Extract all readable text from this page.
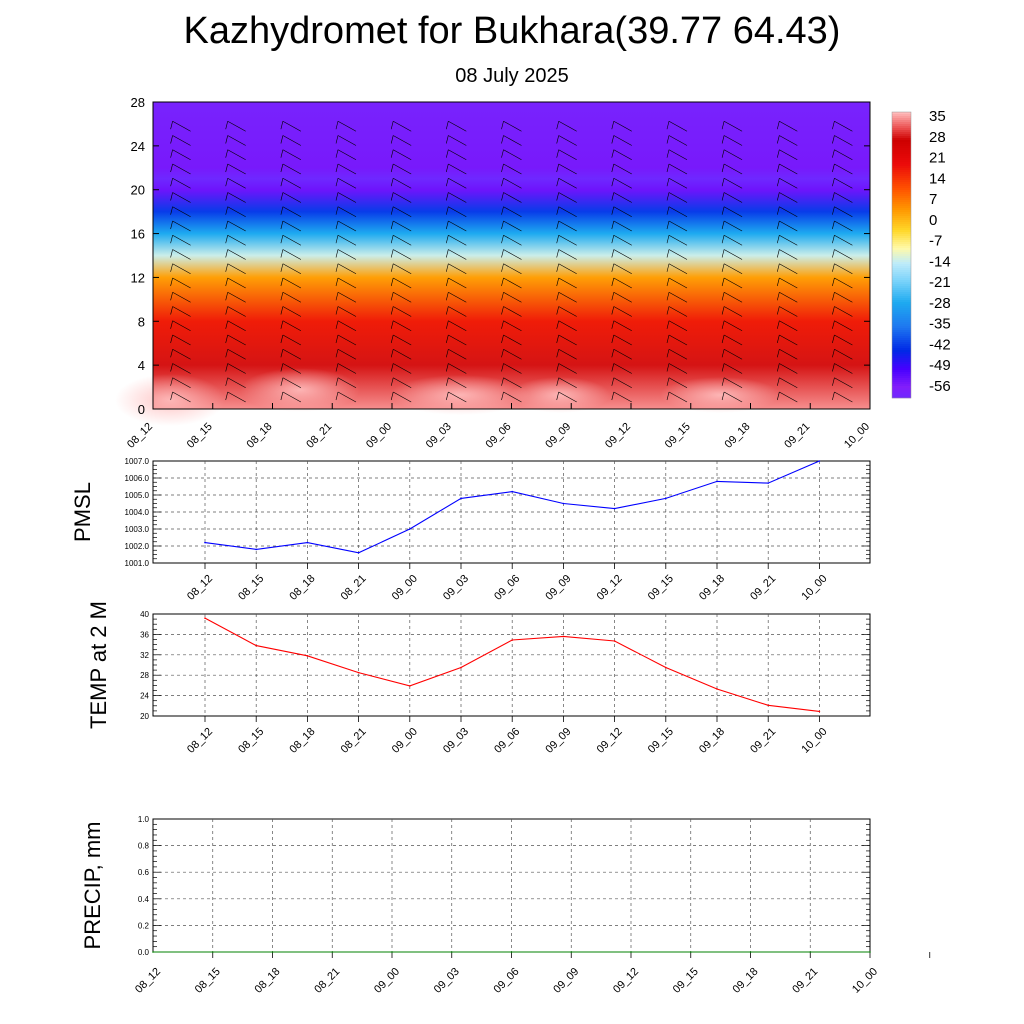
Kazhydromet for Bukhara(39.77 64.43)
08 July 2025
0
4
8
12
16
20
24
28
08_12	08_15	08_18	08_21	09_00	09_03	09_06	09_09	09_12	09_15	09_18	09_21	10_00
35
28
21
14
7
0
-7
-14
-21
-28
-35
-42
-49
-56
1001.0
1002.0
1003.0
1004.0
1005.0
1006.0
1007.0
08_12 08_15 08_18 08_21 09_00 09_03 09_06 09_09 09_12 09_15 09_18 09_21 10_00
PMSL
20
24
28
32
36
40
08_12 08_15 08_18 08_21 09_00 09_03 09_06 09_09 09_12 09_15 09_18 09_21 10_00
TEMP at 2 M
0.0
0.2
0.4
0.6
0.8
1.0
08_12	08_15	08_18	08_21	09_00	09_03	09_06	09_09	09_12	09_15	09_18	09_21	10_00
PRECIP, mm
